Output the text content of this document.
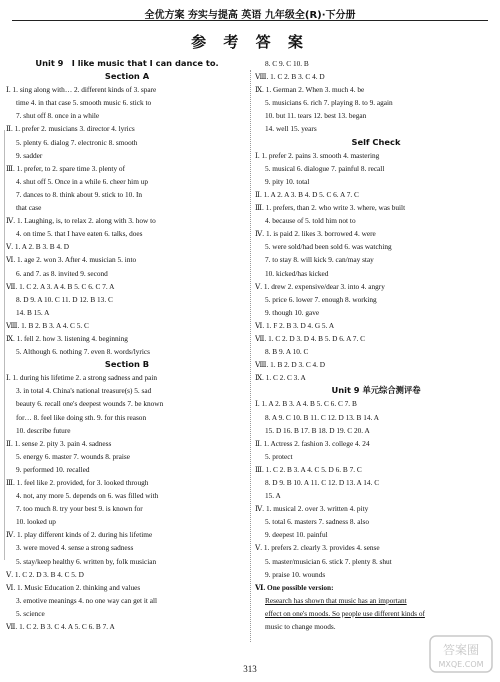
全优方案 夯实与提高 英语 九年级全(R)·下分册
参 考 答 案
Unit 9　I like music that I can dance to.
Section A
Ⅰ. 1. sing along with… 2. different kinds of 3. spare
time 4. in that case 5. smooth music 6. stick to
7. shut off 8. once in a while
Ⅱ. 1. prefer 2. musicians 3. director 4. lyrics
5. plenty 6. dialog 7. electronic 8. smooth
9. sadder
Ⅲ. 1. prefer, to 2. spare time 3. plenty of
4. shut off 5. Once in a while 6. cheer him up
7. dances to 8. think about 9. stick to 10. In
that case
Ⅳ. 1. Laughing, is, to relax 2. along with 3. how to
4. on time 5. that I have eaten 6. talks, does
Ⅴ. 1. A 2. B 3. B 4. D
Ⅵ. 1. age 2. won 3. After 4. musician 5. into
6. and 7. as 8. invited 9. second
Ⅶ. 1. C 2. A 3. A 4. B 5. C 6. C 7. A
8. D 9. A 10. C 11. D 12. B 13. C
14. B 15. A
Ⅷ. 1. B 2. B 3. A 4. C 5. C
Ⅸ. 1. fell 2. how 3. listening 4. beginning
5. Although 6. nothing 7. even 8. words/lyrics
Section B
Ⅰ. 1. during his lifetime 2. a strong sadness and pain
3. in total 4. China's national treasure(s) 5. sad
beauty 6. recall one's deepest wounds 7. be known
for… 8. feel like doing sth. 9. for this reason
10. describe future
Ⅱ. 1. sense 2. pity 3. pain 4. sadness
5. energy 6. master 7. wounds 8. praise
9. performed 10. recalled
Ⅲ. 1. feel like 2. provided, for 3. looked through
4. not, any more 5. depends on 6. was filled with
7. too much 8. try your best 9. is known for
10. looked up
Ⅳ. 1. play different kinds of 2. during his lifetime
3. were moved 4. sense a strong sadness
5. stay/keep healthy 6. written by, folk musician
Ⅴ. 1. C 2. D 3. B 4. C 5. D
Ⅵ. 1. Music Education 2. thinking and values
3. emotive meanings 4. no one way can get it all
5. science
Ⅶ. 1. C 2. B 3. C 4. A 5. C 6. B 7. A
8. C 9. C 10. B
Ⅷ. 1. C 2. B 3. C 4. D
Ⅸ. 1. German 2. When 3. much 4. be
5. musicians 6. rich 7. playing 8. to 9. again
10. but 11. tears 12. best 13. began
14. well 15. years
Self Check
Ⅰ. 1. prefer 2. pains 3. smooth 4. mastering
5. musical 6. dialogue 7. painful 8. recall
9. pity 10. total
Ⅱ. 1. A 2. A 3. B 4. D 5. C 6. A 7. C
Ⅲ. 1. prefers, than 2. who write 3. where, was built
4. because of 5. told him not to
Ⅳ. 1. is paid 2. likes 3. borrowed 4. were
5. were sold/had been sold 6. was watching
7. to stay 8. will kick 9. can/may stay
10. kicked/has kicked
Ⅴ. 1. drew 2. expensive/dear 3. into 4. angry
5. price 6. lower 7. enough 8. working
9. though 10. gave
Ⅵ. 1. F 2. B 3. D 4. G 5. A
Ⅶ. 1. C 2. D 3. D 4. B 5. D 6. A 7. C
8. B 9. A 10. C
Ⅷ. 1. B 2. D 3. C 4. D
Ⅸ. 1. C 2. C 3. A
Unit 9 单元综合测评卷
Ⅰ. 1. A 2. B 3. A 4. B 5. C 6. C 7. B
8. A 9. C 10. B 11. C 12. D 13. B 14. A
15. D 16. B 17. B 18. D 19. C 20. A
Ⅱ. 1. Actress 2. fashion 3. college 4. 24
5. protect
Ⅲ. 1. C 2. B 3. A 4. C 5. D 6. B 7. C
8. D 9. B 10. A 11. C 12. D 13. A 14. C
15. A
Ⅳ. 1. musical 2. over 3. written 4. pity
5. total 6. masters 7. sadness 8. also
9. deepest 10. painful
Ⅴ. 1. prefers 2. clearly 3. provides 4. sense
5. master/musician 6. stick 7. plenty 8. shut
9. praise 10. wounds
Ⅵ. One possible version:
Research has shown that music has an important
effect on one's moods. So people use different kinds of
music to change moods.
313
答案圈
MXQE.COM
